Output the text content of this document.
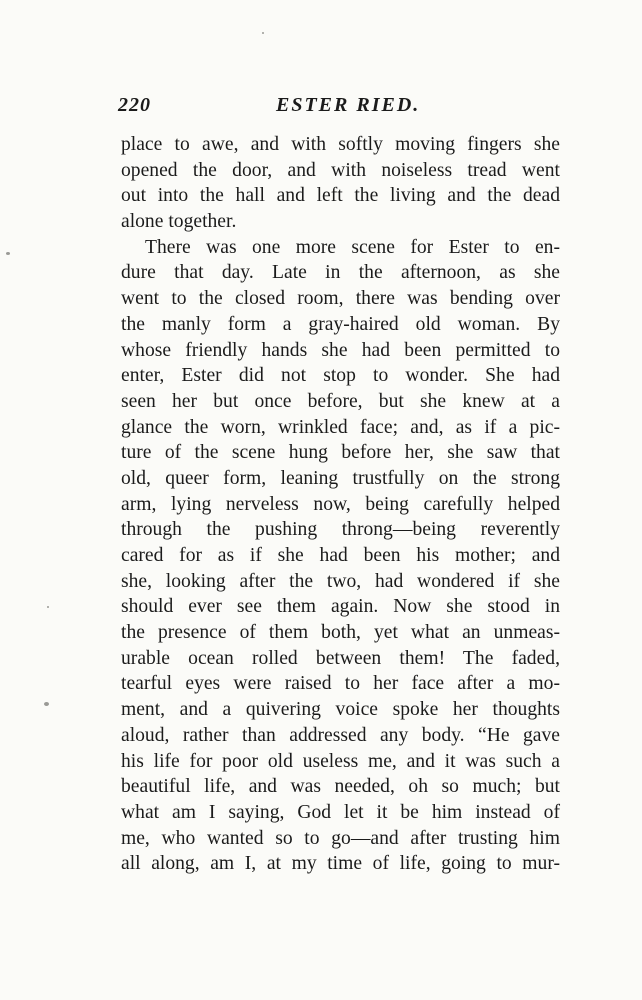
220	ESTER RIED.
place to awe, and with softly moving fingers she
opened the door, and with noiseless tread went
out into the hall and left the living and the dead
alone together.
There was one more scene for Ester to en-
dure that day. Late in the afternoon, as she
went to the closed room, there was bending over
the manly form a gray-haired old woman. By
whose friendly hands she had been permitted to
enter, Ester did not stop to wonder. She had
seen her but once before, but she knew at a
glance the worn, wrinkled face; and, as if a pic-
ture of the scene hung before her, she saw that
old, queer form, leaning trustfully on the strong
arm, lying nerveless now, being carefully helped
through the pushing throng—being reverently
cared for as if she had been his mother; and
she, looking after the two, had wondered if she
should ever see them again. Now she stood in
the presence of them both, yet what an unmeas-
urable ocean rolled between them! The faded,
tearful eyes were raised to her face after a mo-
ment, and a quivering voice spoke her thoughts
aloud, rather than addressed any body. “He gave
his life for poor old useless me, and it was such a
beautiful life, and was needed, oh so much; but
what am I saying, God let it be him instead of
me, who wanted so to go—and after trusting him
all along, am I, at my time of life, going to mur-
